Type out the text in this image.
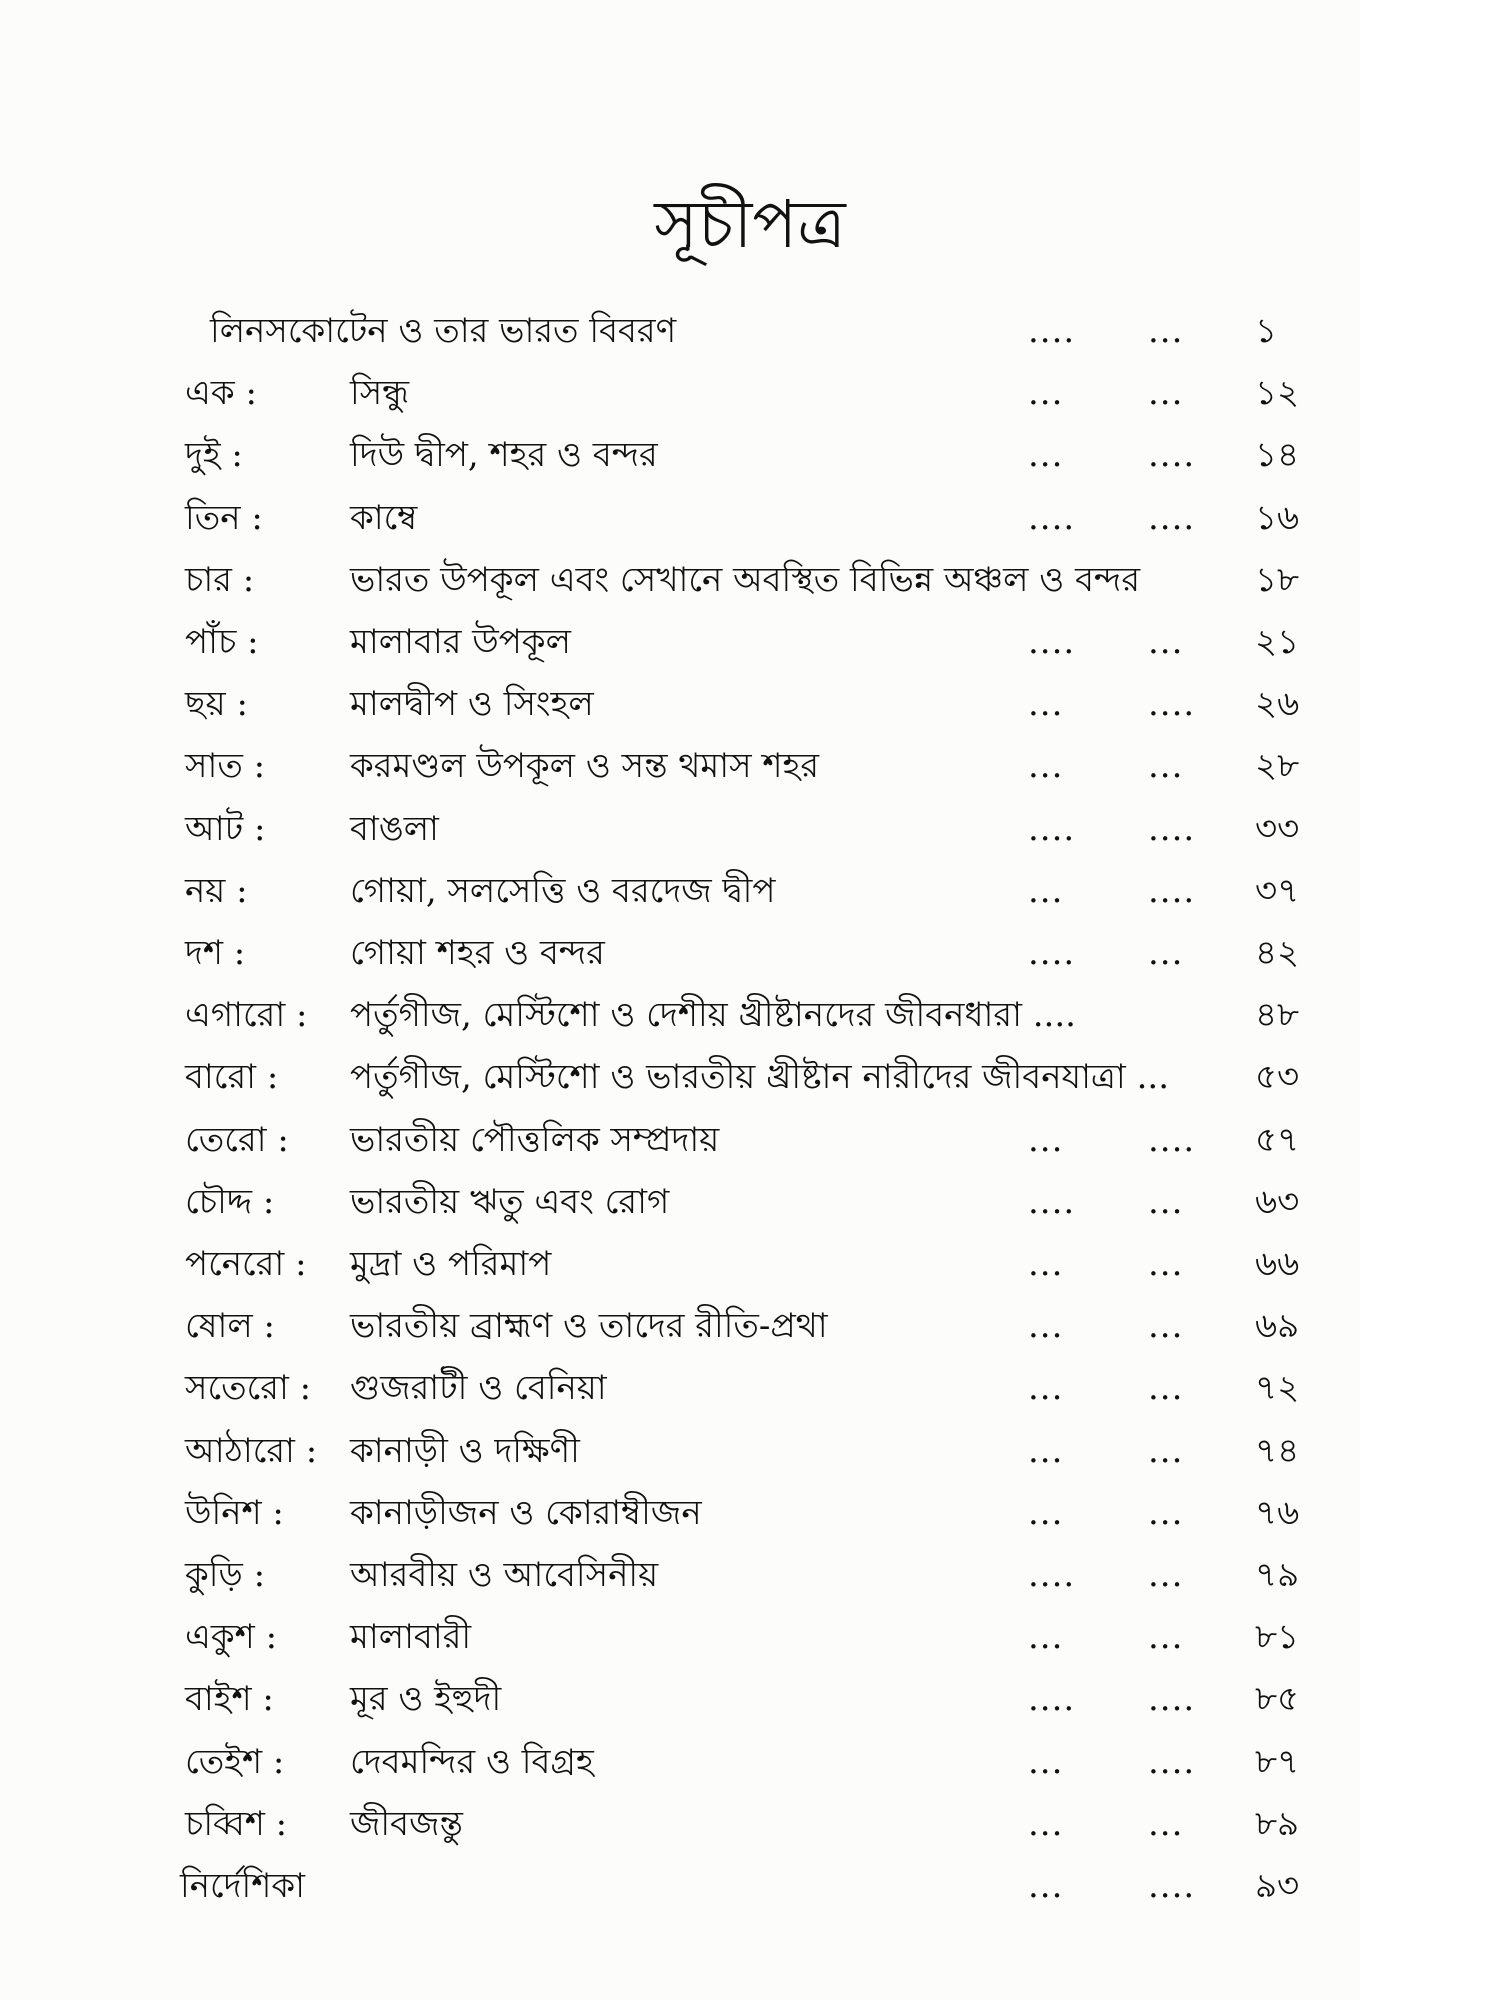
সূচীপত্র
লিনসকোটেন ও তার ভারত বিবরণ	.... ... ১
এক :	সিন্ধু	... ... ১২
দুই :	দিউ দ্বীপ, শহর ও বন্দর	... .... ১৪
তিন :	কাম্বে	.... .... ১৬
চার :	ভারত উপকূল এবং সেখানে অবস্থিত বিভিন্ন অঞ্চল ও বন্দর	১৮
পাঁচ :	মালাবার উপকূল	.... ... ২১
ছয় :	মালদ্বীপ ও সিংহল	... .... ২৬
সাত : করমণ্ডল উপকূল ও সন্ত থমাস শহর	... ... ২৮
আট : বাঙলা	.... .... ৩৩
নয় :	গোয়া, সলসেত্তি ও বরদেজ দ্বীপ	... .... ৩৭
দশ :	গোয়া শহর ও বন্দর	.... ... ৪২
এগারো : পর্তুগীজ, মেস্টিশো ও দেশীয় খ্রীষ্টানদের জীবনধারা ....	৪৮
বারো : পর্তুগীজ, মেস্টিশো ও ভারতীয় খ্রীষ্টান নারীদের জীবনযাত্রা ...	৫৩
তেরো : ভারতীয় পৌত্তলিক সম্প্রদায়	... .... ৫৭
চৌদ্দ : ভারতীয় ঋতু এবং রোগ	.... ... ৬৩
পনেরো : মুদ্রা ও পরিমাপ	... ... ৬৬
ষোল : ভারতীয় ব্রাহ্মণ ও তাদের রীতি-প্রথা	... ... ৬৯
সতেরো : গুজরাটী ও বেনিয়া	... ... ৭২
আঠারো : কানাড়ী ও দক্ষিণী	... ... ৭৪
উনিশ : কানাড়ীজন ও কোরাম্বীজন	... ... ৭৬
কুড়ি : আরবীয় ও আবেসিনীয়	.... ... ৭৯
একুশ : মালাবারী	... ... ৮১
বাইশ : মূর ও ইহুদী	.... .... ৮৫
তেইশ : দেবমন্দির ও বিগ্রহ	... .... ৮৭
চব্বিশ : জীবজন্তু	... ... ৮৯
নির্দেশিকা	... .... ৯৩
